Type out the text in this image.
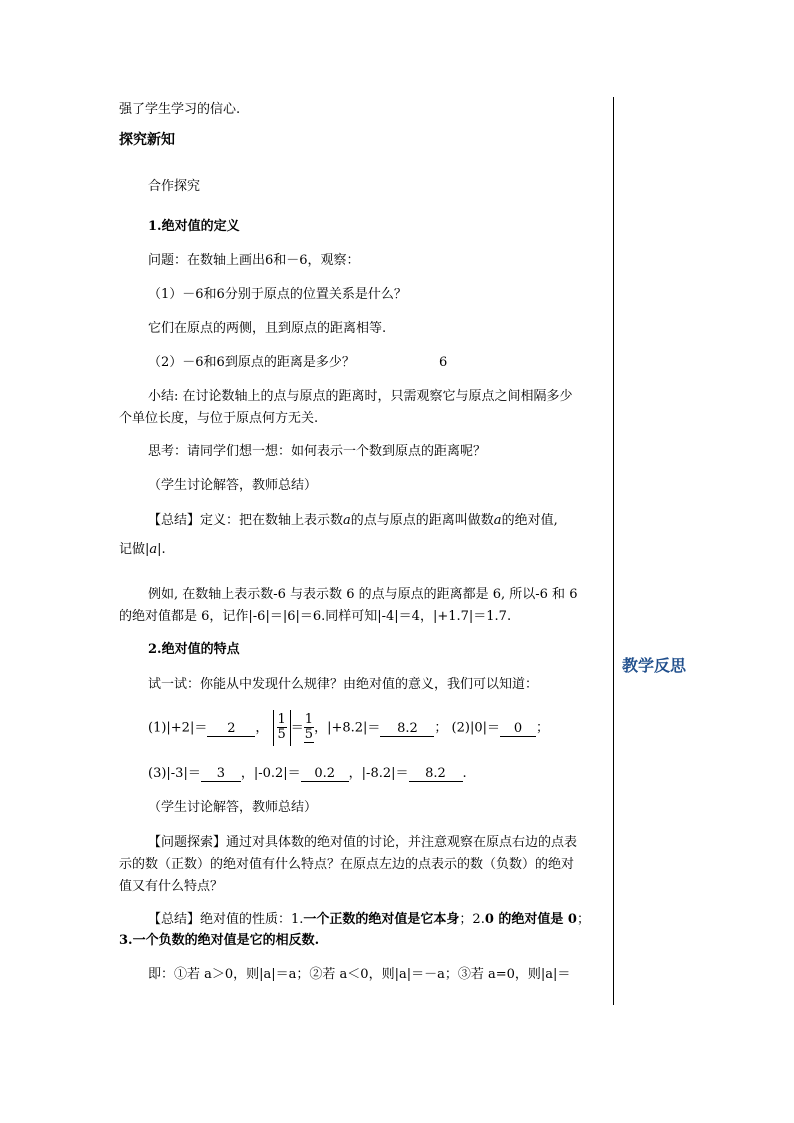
教学反思
强了学生学习的信心.
探究新知
合作探究
1.绝对值的定义
问题：在数轴上画出6和－6，观察：
（1）－6和6分别于原点的位置关系是什么？
它们在原点的两侧，且到原点的距离相等.
（2）－6和6到原点的距离是多少？	6
小结: 在讨论数轴上的点与原点的距离时，只需观察它与原点之间相隔多少
个单位长度，与位于原点何方无关.
思考：请同学们想一想：如何表示一个数到原点的距离呢？
（学生讨论解答，教师总结）
【总结】定义：把在数轴上表示数a的点与原点的距离叫做数a的绝对值,
记做|a|.
例如, 在数轴上表示数-6 与表示数 6 的点与原点的距离都是 6, 所以-6 和 6
的绝对值都是 6，记作|-6|＝|6|＝6.同样可知|-4|＝4，|+1.7|＝1.7.
2.绝对值的特点
试一试：你能从中发现什么规律？由绝对值的意义，我们可以知道：
(1)|+2|＝ 2 ， $\frac{1}{5} = \frac{1}{5}$ ，|+8.2|＝ 8.2 ； (2)|0|＝ 0 ；
(3)|-3|＝ 3 ，|-0.2|＝ 0.2 ，|-8.2|＝ 8.2 .
（学生讨论解答，教师总结）
【问题探索】通过对具体数的绝对值的讨论，并注意观察在原点右边的点表
示的数（正数）的绝对值有什么特点？在原点左边的点表示的数（负数）的绝对
值又有什么特点？
【总结】绝对值的性质：1.一个正数的绝对值是它本身；2.0 的绝对值是 0；
3.一个负数的绝对值是它的相反数.
即：①若 a＞0，则|a|＝a；②若 a＜0，则|a|＝－a；③若 a=0，则|a|＝
